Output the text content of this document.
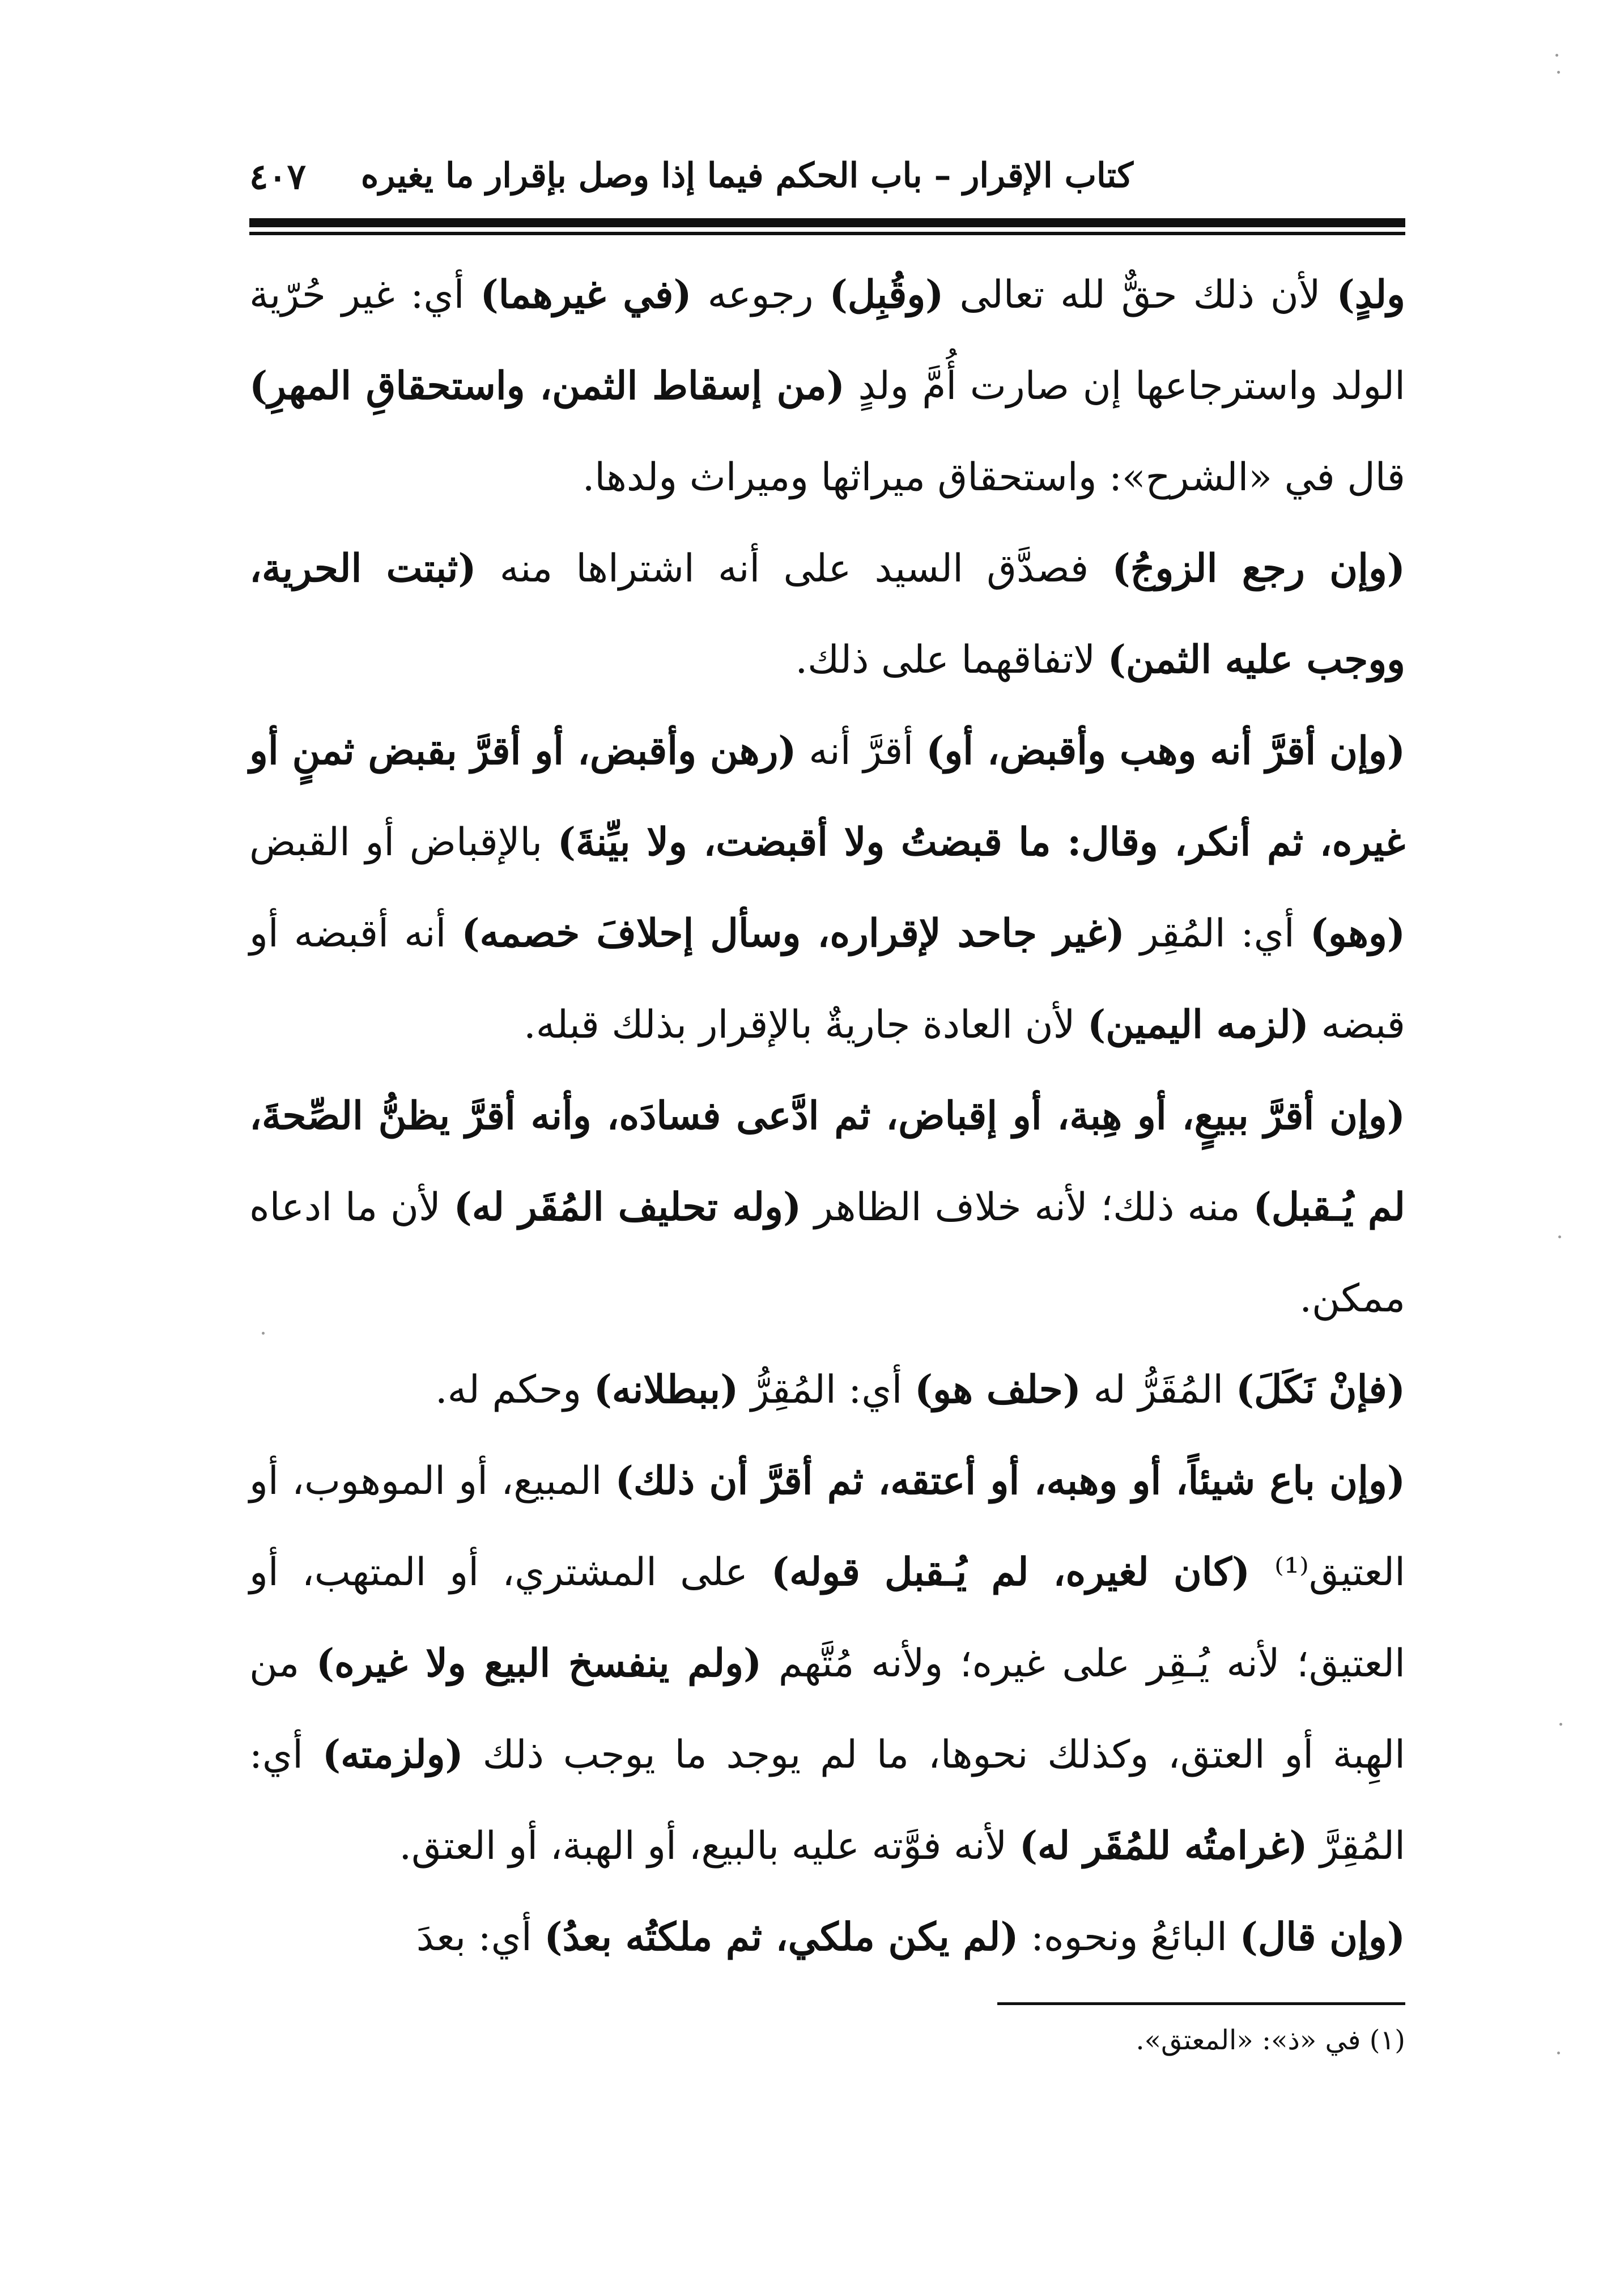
٤٠٧ كتاب الإقرار – باب الحكم فيما إذا وصل بإقرار ما يغيره

ولدٍ) لأن ذلك حقٌّ لله تعالى (وقُبِل) رجوعه (في غيرهما) أي: غير حُرّية الولد واسترجاعها إن صارت أُمَّ ولدٍ (من إسقاط الثمن، واستحقاقِ المهرِ) قال في «الشرح»: واستحقاق ميراثها وميراث ولدها.

(وإن رجع الزوجُ) فصدَّق السيد على أنه اشتراها منه (ثبتت الحرية، ووجب عليه الثمن) لاتفاقهما على ذلك.

(وإن أقرَّ أنه وهب وأقبض، أو) أقرَّ أنه (رهن وأقبض، أو أقرَّ بقبض ثمنٍ أو غيره، ثم أنكر، وقال: ما قبضتُ ولا أقبضت، ولا بيِّنةَ) بالإقباض أو القبض (وهو) أي: المُقِر (غير جاحد لإقراره، وسأل إحلافَ خصمه) أنه أقبضه أو قبضه (لزمه اليمين) لأن العادة جاريةٌ بالإقرار بذلك قبله.

(وإن أقرَّ ببيعٍ، أو هِبة، أو إقباض، ثم ادَّعى فسادَه، وأنه أقرَّ يظنُّ الصِّحةَ، لم يُـقبل) منه ذلك؛ لأنه خلاف الظاهر (وله تحليف المُقَر له) لأن ما ادعاه ممكن.

(فإنْ نَكَلَ) المُقَرُّ له (حلف هو) أي: المُقِرُّ (ببطلانه) وحكم له.

(وإن باع شيئاً، أو وهبه، أو أعتقه، ثم أقرَّ أن ذلك) المبيع، أو الموهوب، أو العتيق⁽¹⁾ (كان لغيره، لم يُـقبل قوله) على المشتري، أو المتهب، أو العتيق؛ لأنه يُـقِر على غيره؛ ولأنه مُتَّهم (ولم ينفسخ البيع ولا غيره) من الهِبة أو العتق، وكذلك نحوها، ما لم يوجد ما يوجب ذلك (ولزمته) أي: المُقِرَّ (غرامتُه للمُقَر له) لأنه فوَّته عليه بالبيع، أو الهبة، أو العتق.

(وإن قال) البائعُ ونحوه: (لم يكن ملكي، ثم ملكتُه بعدُ) أي: بعدَ

(١) في «ذ»: «المعتق».
